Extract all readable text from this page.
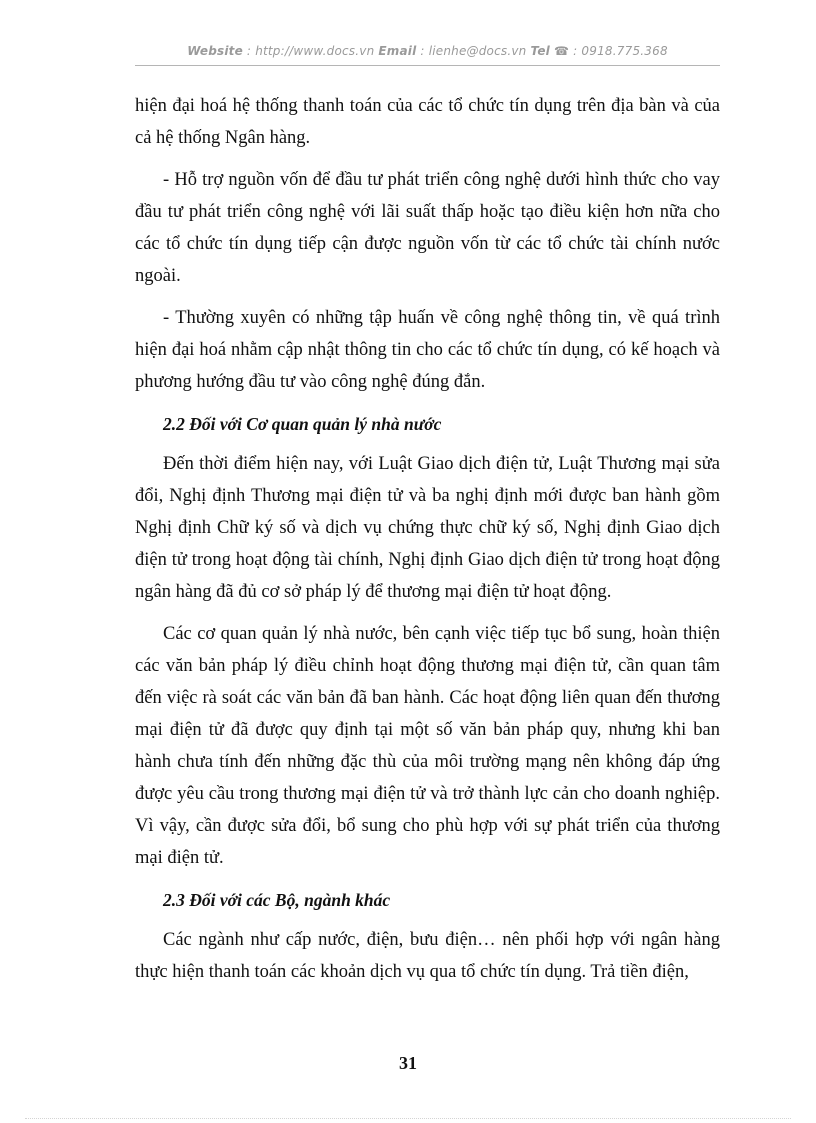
Website : http://www.docs.vn Email : lienhe@docs.vn Tel ☎ : 0918.775.368

hiện đại hoá hệ thống thanh toán của các tổ chức tín dụng trên địa bàn và của cả hệ thống Ngân hàng.

- Hỗ trợ nguồn vốn để đầu tư phát triển công nghệ dưới hình thức cho vay đầu tư phát triển công nghệ với lãi suất thấp hoặc tạo điều kiện hơn nữa cho các tổ chức tín dụng tiếp cận được nguồn vốn từ các tổ chức tài chính nước ngoài.

- Thường xuyên có những tập huấn về công nghệ thông tin, về quá trình hiện đại hoá nhằm cập nhật thông tin cho các tổ chức tín dụng, có kế hoạch và phương hướng đầu tư vào công nghệ đúng đắn.

2.2 Đối với Cơ quan quản lý nhà nước

Đến thời điểm hiện nay, với Luật Giao dịch điện tử, Luật Thương mại sửa đổi, Nghị định Thương mại điện tử và ba nghị định mới được ban hành gồm Nghị định Chữ ký số và dịch vụ chứng thực chữ ký số, Nghị định Giao dịch điện tử trong hoạt động tài chính, Nghị định Giao dịch điện tử trong hoạt động ngân hàng đã đủ cơ sở pháp lý để thương mại điện tử hoạt động.

Các cơ quan quản lý nhà nước, bên cạnh việc tiếp tục bổ sung, hoàn thiện các văn bản pháp lý điều chỉnh hoạt động thương mại điện tử, cần quan tâm đến việc rà soát các văn bản đã ban hành. Các hoạt động liên quan đến thương mại điện tử đã được quy định tại một số văn bản pháp quy, nhưng khi ban hành chưa tính đến những đặc thù của môi trường mạng nên không đáp ứng được yêu cầu trong thương mại điện tử và trở thành lực cản cho doanh nghiệp. Vì vậy, cần được sửa đổi, bổ sung cho phù hợp với sự phát triển của thương mại điện tử.

2.3 Đối với các Bộ, ngành khác

Các ngành như cấp nước, điện, bưu điện… nên phối hợp với ngân hàng thực hiện thanh toán các khoản dịch vụ qua tổ chức tín dụng. Trả tiền điện,

31
